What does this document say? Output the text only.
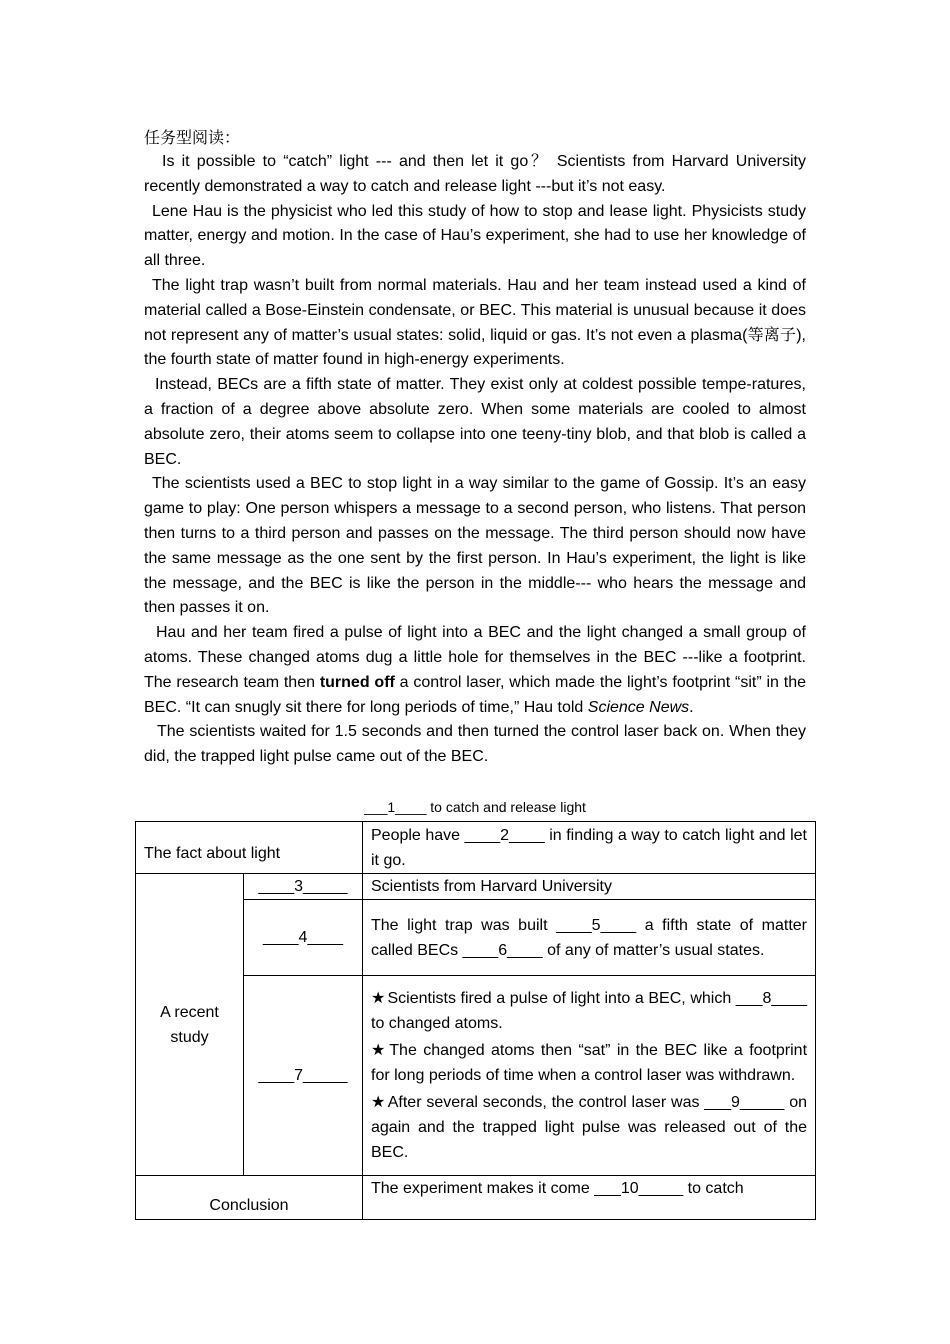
任务型阅读：

Is it possible to “catch” light --- and then let it go？ Scientists from Harvard University recently demonstrated a way to catch and release light ---but it’s not easy.

Lene Hau is the physicist who led this study of how to stop and lease light. Physicists study matter, energy and motion. In the case of Hau’s experiment, she had to use her knowledge of all three.

The light trap wasn’t built from normal materials. Hau and her team instead used a kind of material called a Bose-Einstein condensate, or BEC. This material is unusual because it does not represent any of matter’s usual states: solid, liquid or gas. It’s not even a plasma(等离子), the fourth state of matter found in high-energy experiments.

Instead, BECs are a fifth state of matter. They exist only at coldest possible tempe-ratures, a fraction of a degree above absolute zero. When some materials are cooled to almost absolute zero, their atoms seem to collapse into one teeny-tiny blob, and that blob is called a BEC.

The scientists used a BEC to stop light in a way similar to the game of Gossip. It’s an easy game to play: One person whispers a message to a second person, who listens. That person then turns to a third person and passes on the message. The third person should now have the same message as the one sent by the first person. In Hau’s experiment, the light is like the message, and the BEC is like the person in the middle--- who hears the message and then passes it on.

Hau and her team fired a pulse of light into a BEC and the light changed a small group of atoms. These changed atoms dug a little hole for themselves in the BEC ---like a footprint. The research team then turned off a control laser, which made the light’s footprint “sit” in the BEC. “It can snugly sit there for long periods of time,” Hau told Science News.

The scientists waited for 1.5 seconds and then turned the control laser back on. When they did, the trapped light pulse came out of the BEC.

___1____ to catch and release light
The fact about light		People have ____2____ in finding a way to catch light and let it go.
A recent study	____3_____	Scientists from Harvard University
	____4____	The light trap was built ____5____ a fifth state of matter called BECs ____6____ of any of matter’s usual states.
	____7_____	★ Scientists fired a pulse of light into a BEC, which ___8____ to changed atoms.

★ The changed atoms then “sat” in the BEC like a footprint for long periods of time when a control laser was withdrawn.

★ After several seconds, the control laser was ___9_____ on again and the trapped light pulse was released out of the BEC.

Conclusion		The experiment makes it come ___10_____ to catch
